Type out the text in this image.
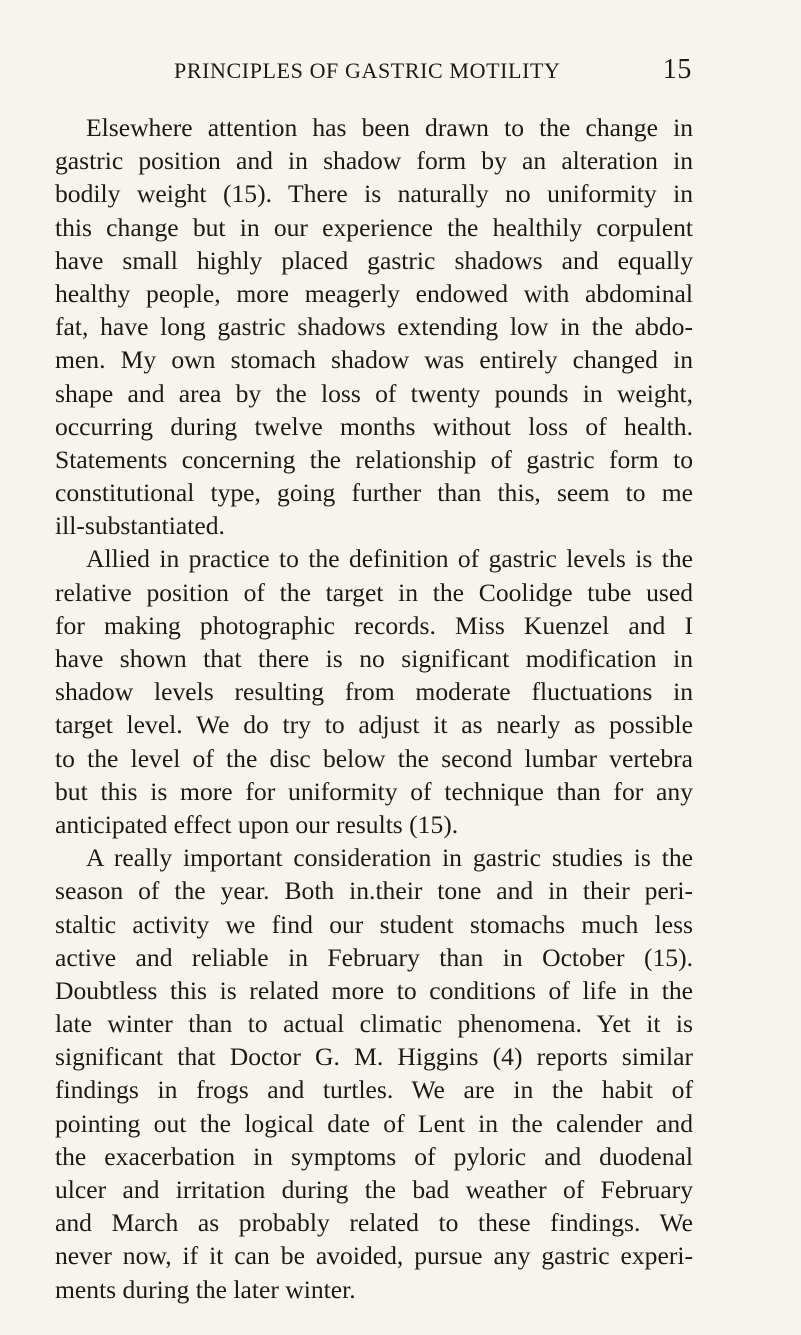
PRINCIPLES OF GASTRIC MOTILITY	15
Elsewhere attention has been drawn to the change in
gastric position and in shadow form by an alteration in
bodily weight (15). There is naturally no uniformity in
this change but in our experience the healthily corpulent
have small highly placed gastric shadows and equally
healthy people, more meagerly endowed with abdominal
fat, have long gastric shadows extending low in the abdo-
men. My own stomach shadow was entirely changed in
shape and area by the loss of twenty pounds in weight,
occurring during twelve months without loss of health.
Statements concerning the relationship of gastric form to
constitutional type, going further than this, seem to me
ill-substantiated.
Allied in practice to the definition of gastric levels is the
relative position of the target in the Coolidge tube used
for making photographic records. Miss Kuenzel and I
have shown that there is no significant modification in
shadow levels resulting from moderate fluctuations in
target level. We do try to adjust it as nearly as possible
to the level of the disc below the second lumbar vertebra
but this is more for uniformity of technique than for any
anticipated effect upon our results (15).
A really important consideration in gastric studies is the
season of the year. Both in.their tone and in their peri-
staltic activity we find our student stomachs much less
active and reliable in February than in October (15).
Doubtless this is related more to conditions of life in the
late winter than to actual climatic phenomena. Yet it is
significant that Doctor G. M. Higgins (4) reports similar
findings in frogs and turtles. We are in the habit of
pointing out the logical date of Lent in the calender and
the exacerbation in symptoms of pyloric and duodenal
ulcer and irritation during the bad weather of February
and March as probably related to these findings. We
never now, if it can be avoided, pursue any gastric experi-
ments during the later winter.
